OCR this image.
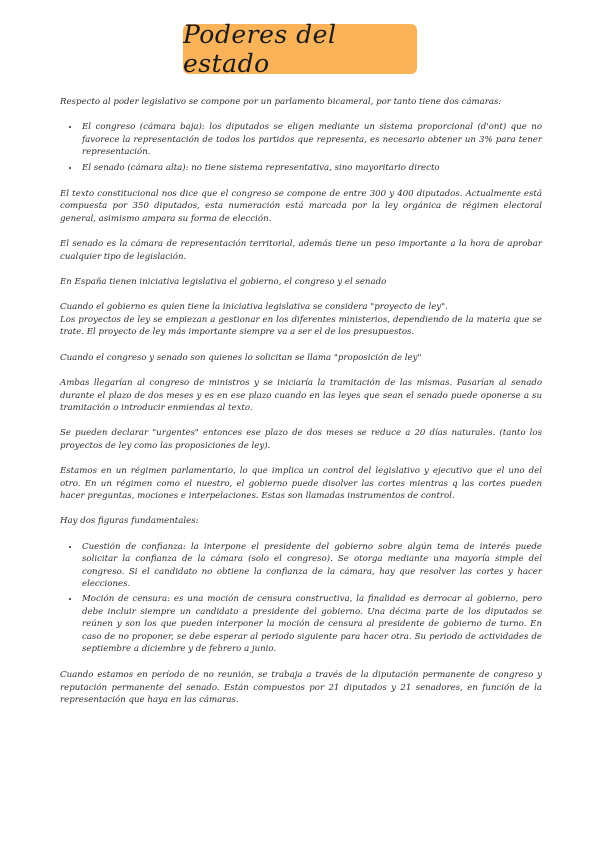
Poderes del estado

Respecto al poder legislativo se compone por un parlamento bicameral, por tanto tiene dos cámaras:

• El congreso (cámara baja): los diputados se eligen mediante un sistema proporcional (d'ont) que no favorece la representación de todos los partidos que representa, es necesario obtener un 3% para tener representación.
• El senado (cámara alta): no tiene sistema representativa, sino mayoritario directo

El texto constitucional nos dice que el congreso se compone de entre 300 y 400 diputados. Actualmente está compuesta por 350 diputados, esta numeración está marcada por la ley orgánica de régimen electoral general, asimismo ampara su forma de elección.

El senado es la cámara de representación territorial, además tiene un peso importante a la hora de aprobar cualquier tipo de legislación.

En España tienen iniciativa legislativa el gobierno, el congreso y el senado

Cuando el gobierno es quien tiene la iniciativa legislativa se considera "proyecto de ley".

Los proyectos de ley se empiezan a gestionar en los diferentes ministerios, dependiendo de la materia que se trate. El proyecto de ley más importante siempre va a ser el de los presupuestos.

Cuando el congreso y senado son quienes lo solicitan se llama "proposición de ley"

Ambas llegarían al congreso de ministros y se iniciaría la tramitación de las mismas. Pasarían al senado durante el plazo de dos meses y es en ese plazo cuando en las leyes que sean el senado puede oponerse a su tramitación o introducir enmiendas al texto.

Se pueden declarar "urgentes" entonces ese plazo de dos meses se reduce a 20 días naturales. (tanto los proyectos de ley como las proposiciones de ley).

Estamos en un régimen parlamentario, lo que implica un control del legislativo y ejecutivo que el uno del otro. En un régimen como el nuestro, el gobierno puede disolver las cortes mientras q las cortes pueden hacer preguntas, mociones e interpelaciones. Estas son llamadas instrumentos de control.

Hay dos figuras fundamentales:

• Cuestión de confianza: la interpone el presidente del gobierno sobre algún tema de interés puede solicitar la confianza de la cámara (solo el congreso). Se otorga mediante una mayoría simple del congreso. Si el candidato no obtiene la confianza de la cámara, hay que resolver las cortes y hacer elecciones.
• Moción de censura: es una moción de censura constructiva, la finalidad es derrocar al gobierno, pero debe incluir siempre un candidato a presidente del gobierno. Una décima parte de los diputados se reúnen y son los que pueden interponer la moción de censura al presidente de gobierno de turno. En caso de no proponer, se debe esperar al periodo siguiente para hacer otra. Su periodo de actividades de septiembre a diciembre y de febrero a junio.

Cuando estamos en período de no reunión, se trabaja a través de la diputación permanente de congreso y reputación permanente del senado. Están compuestos por 21 diputados y 21 senadores, en función de la representación que haya en las cámaras.
